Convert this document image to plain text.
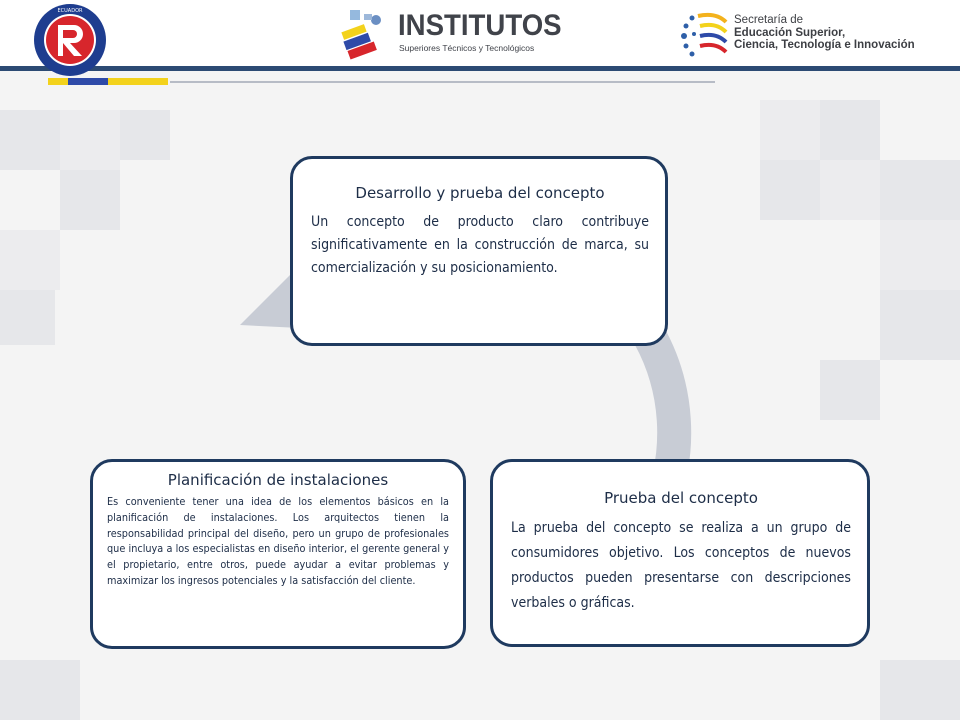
ECUADOR	INSTITUTOS
Superiores Técnicos y Tecnológicos
Secretaría de
Educación Superior,
Ciencia, Tecnología e Innovación
Desarrollo y prueba del concepto

Un concepto de producto claro contribuye significativamente en la construcción de marca, su comercialización y su posicionamiento.

Prueba del concepto

La prueba del concepto se realiza a un grupo de consumidores objetivo. Los conceptos de nuevos productos pueden presentarse con descripciones verbales o gráficas.

Planificación de instalaciones

Es conveniente tener una idea de los elementos básicos en la planificación de instalaciones. Los arquitectos tienen la responsabilidad principal del diseño, pero un grupo de profesionales que incluya a los especialistas en diseño interior, el gerente general y el propietario, entre otros, puede ayudar a evitar problemas y maximizar los ingresos potenciales y la satisfacción del cliente.
